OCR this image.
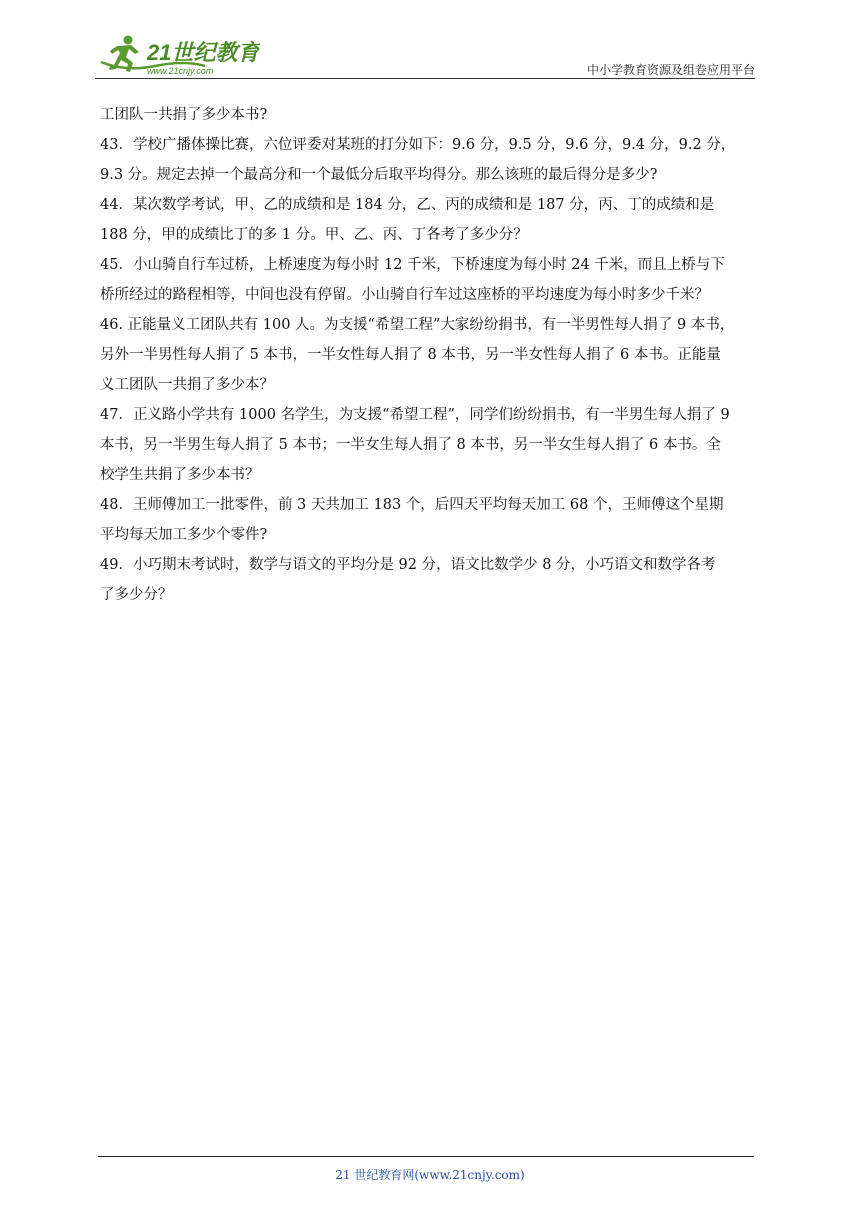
21世纪教育
www.21cnjy.com	中小学教育资源及组卷应用平台

工团队一共捐了多少本书?

43．学校广播体操比赛，六位评委对某班的打分如下：9.6 分，9.5 分，9.6 分，9.4 分，9.2 分，

9.3 分。规定去掉一个最高分和一个最低分后取平均得分。那么该班的最后得分是多少?

44．某次数学考试，甲、乙的成绩和是 184 分，乙、丙的成绩和是 187 分，丙、丁的成绩和是

188 分，甲的成绩比丁的多 1 分。甲、乙、丙、丁各考了多少分？

45．小山骑自行车过桥，上桥速度为每小时 12 千米，下桥速度为每小时 24 千米，而且上桥与下

桥所经过的路程相等，中间也没有停留。小山骑自行车过这座桥的平均速度为每小时多少千米？

46. 正能量义工团队共有 100 人。为支援“希望工程”大家纷纷捐书，有一半男性每人捐了 9 本书，

另外一半男性每人捐了 5 本书，一半女性每人捐了 8 本书，另一半女性每人捐了 6 本书。正能量

义工团队一共捐了多少本？

47．正义路小学共有 1000 名学生，为支援“希望工程”，同学们纷纷捐书，有一半男生每人捐了 9

本书，另一半男生每人捐了 5 本书；一半女生每人捐了 8 本书，另一半女生每人捐了 6 本书。全

校学生共捐了多少本书？

48．王师傅加工一批零件，前 3 天共加工 183 个，后四天平均每天加工 68 个，王师傅这个星期

平均每天加工多少个零件?

49．小巧期末考试时，数学与语文的平均分是 92 分，语文比数学少 8 分，小巧语文和数学各考

了多少分？

21 世纪教育网(www.21cnjy.com)
